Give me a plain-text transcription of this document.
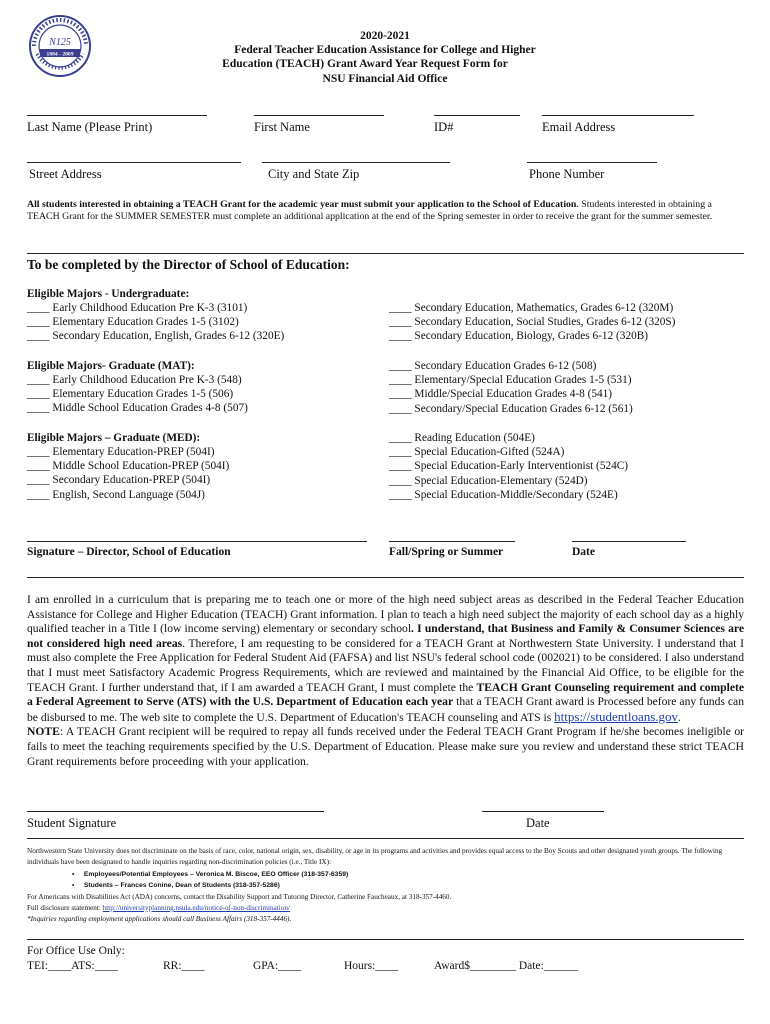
1884 - 2009
N125
2020-2021
Federal Teacher Education Assistance for College and Higher
Education (TEACH) Grant Award Year Request Form for
NSU Financial Aid Office
Last Name (Please Print)	First Name	ID#	Email Address
Street Address	City and State Zip	Phone Number
All students interested in obtaining a TEACH Grant for the academic year must submit your application to the School of Education. Students interested in obtaining a TEACH Grant for the SUMMER SEMESTER must complete an additional application at the end of the Spring semester in order to receive the grant for the summer semester.
To be completed by the Director of School of Education:
Eligible Majors - Undergraduate:
____ Early Childhood Education Pre K-3 (3101)
____ Elementary Education Grades 1-5 (3102)
____ Secondary Education, English, Grades 6-12 (320E)
____ Secondary Education, Mathematics, Grades 6-12 (320M)
____ Secondary Education, Social Studies, Grades 6-12 (320S)
____ Secondary Education, Biology, Grades 6-12 (320B)
Eligible Majors- Graduate (MAT):
____ Early Childhood Education Pre K-3 (548)
____ Elementary Education Grades 1-5 (506)
____ Middle School Education Grades 4-8 (507)
____ Secondary Education Grades 6-12 (508)
____ Elementary/Special Education Grades 1-5 (531)
____ Middle/Special Education Grades 4-8 (541)
____ Secondary/Special Education Grades 6-12 (561)
Eligible Majors – Graduate (MED):
____ Elementary Education-PREP (504I)
____ Middle School Education-PREP (504I)
____ Secondary Education-PREP (504I)
____ English, Second Language (504J)
____ Reading Education (504E)
____ Special Education-Gifted (524A)
____ Special Education-Early Interventionist (524C)
____ Special Education-Elementary (524D)
____ Special Education-Middle/Secondary (524E)
Signature – Director, School of Education	Fall/Spring or Summer	Date
I am enrolled in a curriculum that is preparing me to teach one or more of the high need subject areas as described in the Federal Teacher Education Assistance for College and Higher Education (TEACH) Grant information. I plan to teach a high need subject the majority of each school day as a highly qualified teacher in a Title I (low income serving) elementary or secondary school. I understand, that Business and Family & Consumer Sciences are not considered high need areas. Therefore, I am requesting to be considered for a TEACH Grant at Northwestern State University. I understand that I must also complete the Free Application for Federal Student Aid (FAFSA) and list NSU's federal school code (002021) to be considered. I also understand that I must meet Satisfactory Academic Progress Requirements, which are reviewed and maintained by the Financial Aid Office, to be eligible for the TEACH Grant. I further understand that, if I am awarded a TEACH Grant, I must complete the TEACH Grant Counseling requirement and complete a Federal Agreement to Serve (ATS) with the U.S. Department of Education each year that a TEACH Grant award is Processed before any funds can be disbursed to me. The web site to complete the U.S. Department of Education's TEACH counseling and ATS is https://studentloans.gov.
NOTE: A TEACH Grant recipient will be required to repay all funds received under the Federal TEACH Grant Program if he/she becomes ineligible or fails to meet the teaching requirements specified by the U.S. Department of Education. Please make sure you review and understand these strict TEACH Grant requirements before proceeding with your application.
Student Signature	Date
Northwestern State University does not discriminate on the basis of race, color, national origin, sex, disability, or age in its programs and activities and provides equal access to the Boy Scouts and other designated youth groups. The following individuals have been designated to handle inquiries regarding non-discrimination policies (i.e., Title IX):
•     Employees/Potential Employees – Veronica M. Biscoe, EEO Officer (318-357-6359)
•     Students – Frances Conine, Dean of Students (318-357-5286)
For Americans with Disabilities Act (ADA) concerns, contact the Disability Support and Tutoring Director, Catherine Faucheaux, at 318-357-4460.
Full disclosure statement: http://universityplanning.nsula.edu/notice-of-non-discrimination/
*Inquiries regarding employment applications should call Business Affairs (318-357-4446).
For Office Use Only:
TEI:____ATS:____	RR:____	GPA:____	Hours:____	Award$________ Date:______
